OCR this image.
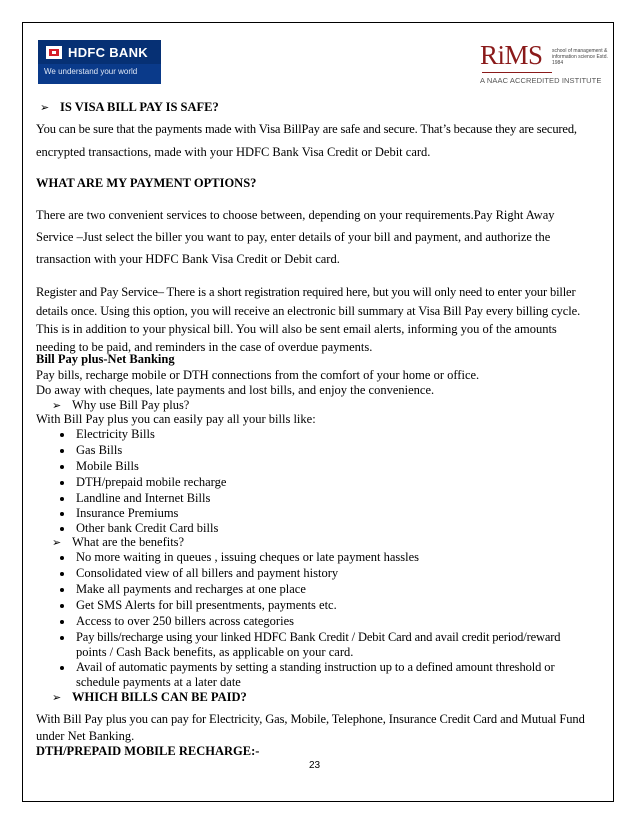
HDFC BANK
We understand your world
RiMS school of management & information science Estd. 1984
A NAAC ACCREDITED INSTITUTE
➢ IS VISA BILL PAY IS SAFE?
You can be sure that the payments made with Visa BillPay are safe and secure. That’s because they are secured,
encrypted transactions, made with your HDFC Bank Visa Credit or Debit card.
WHAT ARE MY PAYMENT OPTIONS?
There are two convenient services to choose between, depending on your requirements.Pay Right Away
Service –Just select the biller you want to pay, enter details of your bill and payment, and authorize the
transaction with your HDFC Bank Visa Credit or Debit card.
Register and Pay Service– There is a short registration required here, but you will only need to enter your biller
details once. Using this option, you will receive an electronic bill summary at Visa Bill Pay every billing cycle.
This is in addition to your physical bill. You will also be sent email alerts, informing you of the amounts
needing to be paid, and reminders in the case of overdue payments.
Bill Pay plus-Net Banking
Pay bills, recharge mobile or DTH connections from the comfort of your home or office.
Do away with cheques, late payments and lost bills, and enjoy the convenience.
➢ Why use Bill Pay plus?
With Bill Pay plus you can easily pay all your bills like:
Electricity Bills
Gas Bills
Mobile Bills
DTH/prepaid mobile recharge
Landline and Internet Bills
Insurance Premiums
Other bank Credit Card bills
➢ What are the benefits?
No more waiting in queues , issuing cheques or late payment hassles
Consolidated view of all billers and payment history
Make all payments and recharges at one place
Get SMS Alerts for bill presentments, payments etc.
Access to over 250 billers across categories
Pay bills/recharge using your linked HDFC Bank Credit / Debit Card and avail credit period/reward
points / Cash Back benefits, as applicable on your card.
Avail of automatic payments by setting a standing instruction up to a defined amount threshold or
schedule payments at a later date
➢ WHICH BILLS CAN BE PAID?
With Bill Pay plus you can pay for Electricity, Gas, Mobile, Telephone, Insurance Credit Card and Mutual Fund
under Net Banking.
DTH/PREPAID MOBILE RECHARGE:-
23
